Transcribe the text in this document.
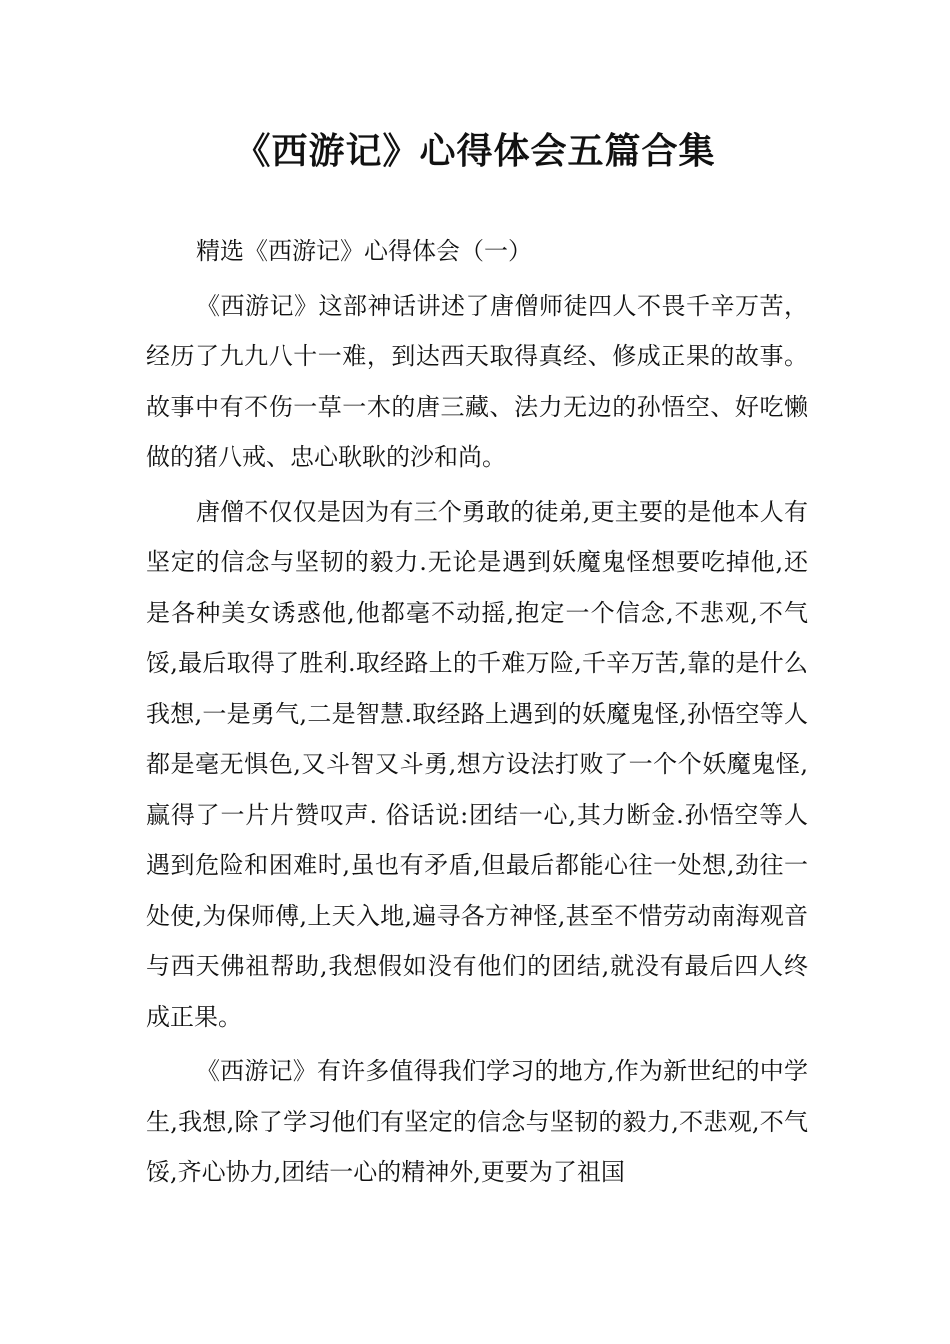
《西游记》心得体会五篇合集

精选《西游记》心得体会（一）

《西游记》这部神话讲述了唐僧师徒四人不畏千辛万苦，经历了九九八十一难，到达西天取得真经、修成正果的故事。故事中有不伤一草一木的唐三藏、法力无边的孙悟空、好吃懒做的猪八戒、忠心耿耿的沙和尚。

唐僧不仅仅是因为有三个勇敢的徒弟,更主要的是他本人有坚定的信念与坚韧的毅力.无论是遇到妖魔鬼怪想要吃掉他,还是各种美女诱惑他,他都毫不动摇,抱定一个信念,不悲观,不气馁,最后取得了胜利.取经路上的千难万险,千辛万苦,靠的是什么 我想,一是勇气,二是智慧.取经路上遇到的妖魔鬼怪,孙悟空等人都是毫无惧色,又斗智又斗勇,想方设法打败了一个个妖魔鬼怪,赢得了一片片赞叹声. 俗话说:团结一心,其力断金.孙悟空等人遇到危险和困难时,虽也有矛盾,但最后都能心往一处想,劲往一处使,为保师傅,上天入地,遍寻各方神怪,甚至不惜劳动南海观音与西天佛祖帮助,我想假如没有他们的团结,就没有最后四人终成正果。

《西游记》有许多值得我们学习的地方,作为新世纪的中学生,我想,除了学习他们有坚定的信念与坚韧的毅力,不悲观,不气馁,齐心协力,团结一心的精神外,更要为了祖国
